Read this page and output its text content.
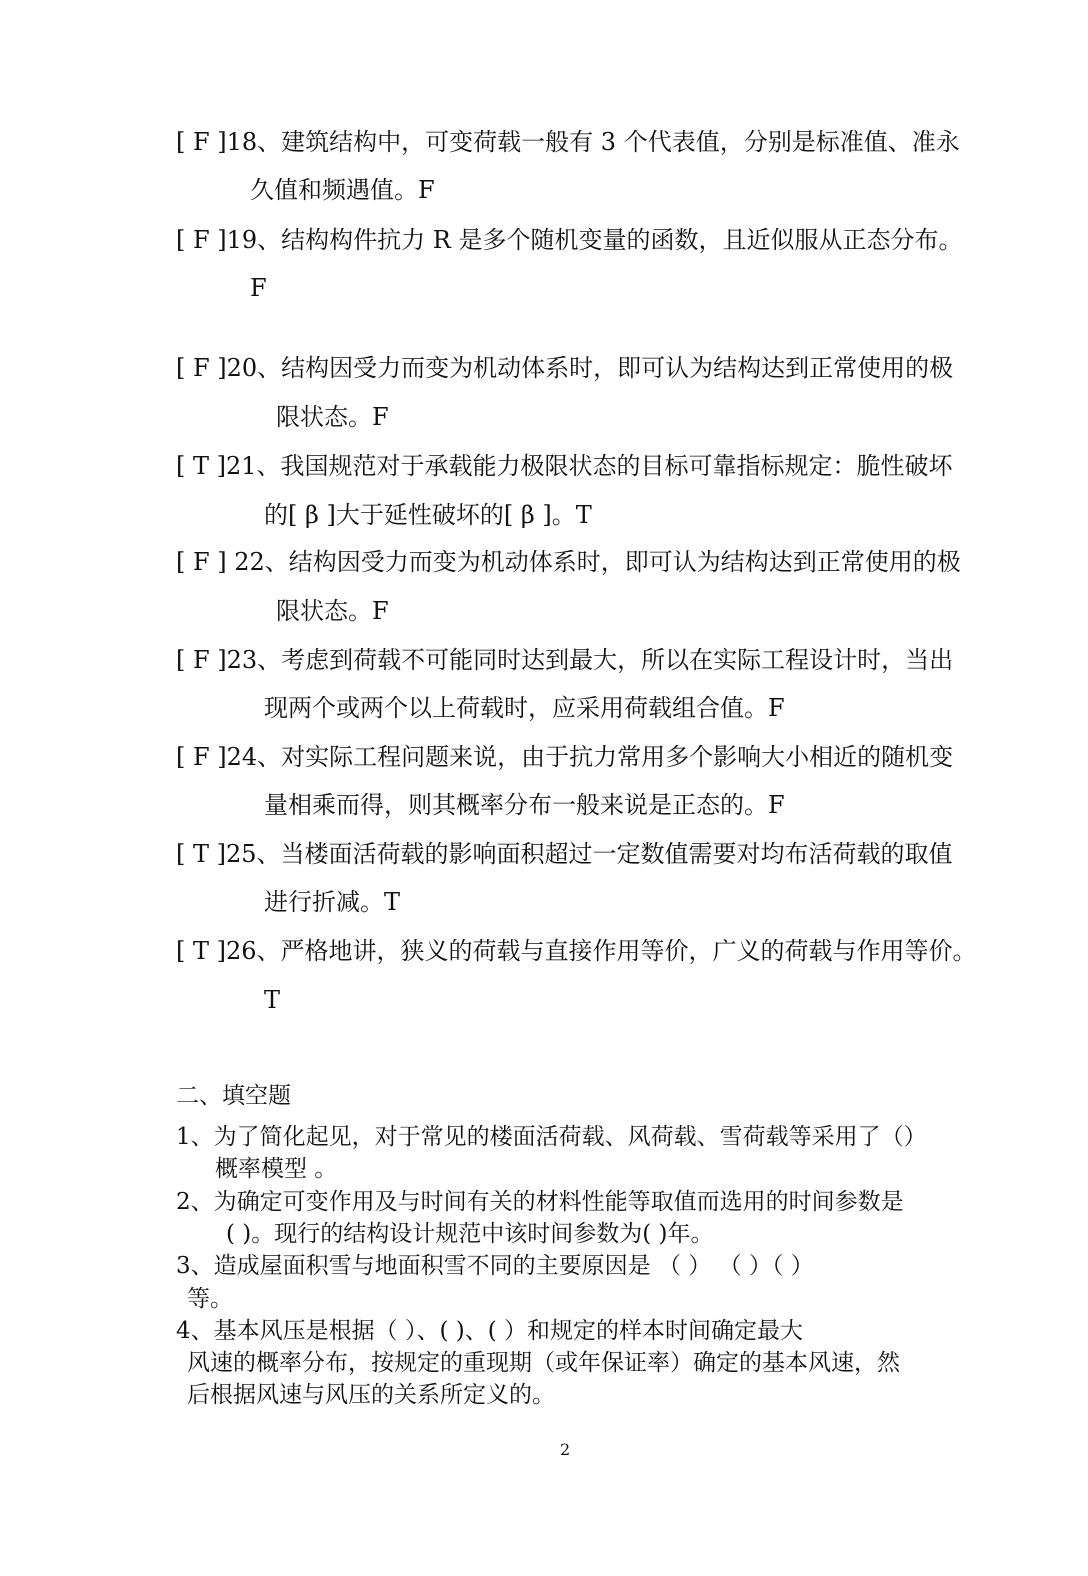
[ F ]18、建筑结构中，可变荷载一般有 3 个代表值，分别是标准值、准永
久值和频遇值。F
[ F ]19、结构构件抗力 R 是多个随机变量的函数，且近似服从正态分布。
F
[ F ]20、结构因受力而变为机动体系时，即可认为结构达到正常使用的极
限状态。F
[ T ]21、我国规范对于承载能力极限状态的目标可靠指标规定：脆性破坏
的[ β ]大于延性破坏的[ β ]。T
[ F ] 22、结构因受力而变为机动体系时，即可认为结构达到正常使用的极
限状态。F
[ F ]23、考虑到荷载不可能同时达到最大，所以在实际工程设计时，当出
现两个或两个以上荷载时，应采用荷载组合值。F
[ F ]24、对实际工程问题来说，由于抗力常用多个影响大小相近的随机变
量相乘而得，则其概率分布一般来说是正态的。F
[ T ]25、当楼面活荷载的影响面积超过一定数值需要对均布活荷载的取值
进行折减。T
[ T ]26、严格地讲，狭义的荷载与直接作用等价，广义的荷载与作用等价。
T
二、填空题
1、为了简化起见，对于常见的楼面活荷载、风荷载、雪荷载等采用了（）
概率模型 。
2、为确定可变作用及与时间有关的材料性能等取值而选用的时间参数是
( )。现行的结构设计规范中该时间参数为( )年。
3、造成屋面积雪与地面积雪不同的主要原因是 （ ） （ ）（ ）
等。
4、基本风压是根据（ ）、( )、( ）和规定的样本时间确定最大
风速的概率分布，按规定的重现期（或年保证率）确定的基本风速，然
后根据风速与风压的关系所定义的。
2
